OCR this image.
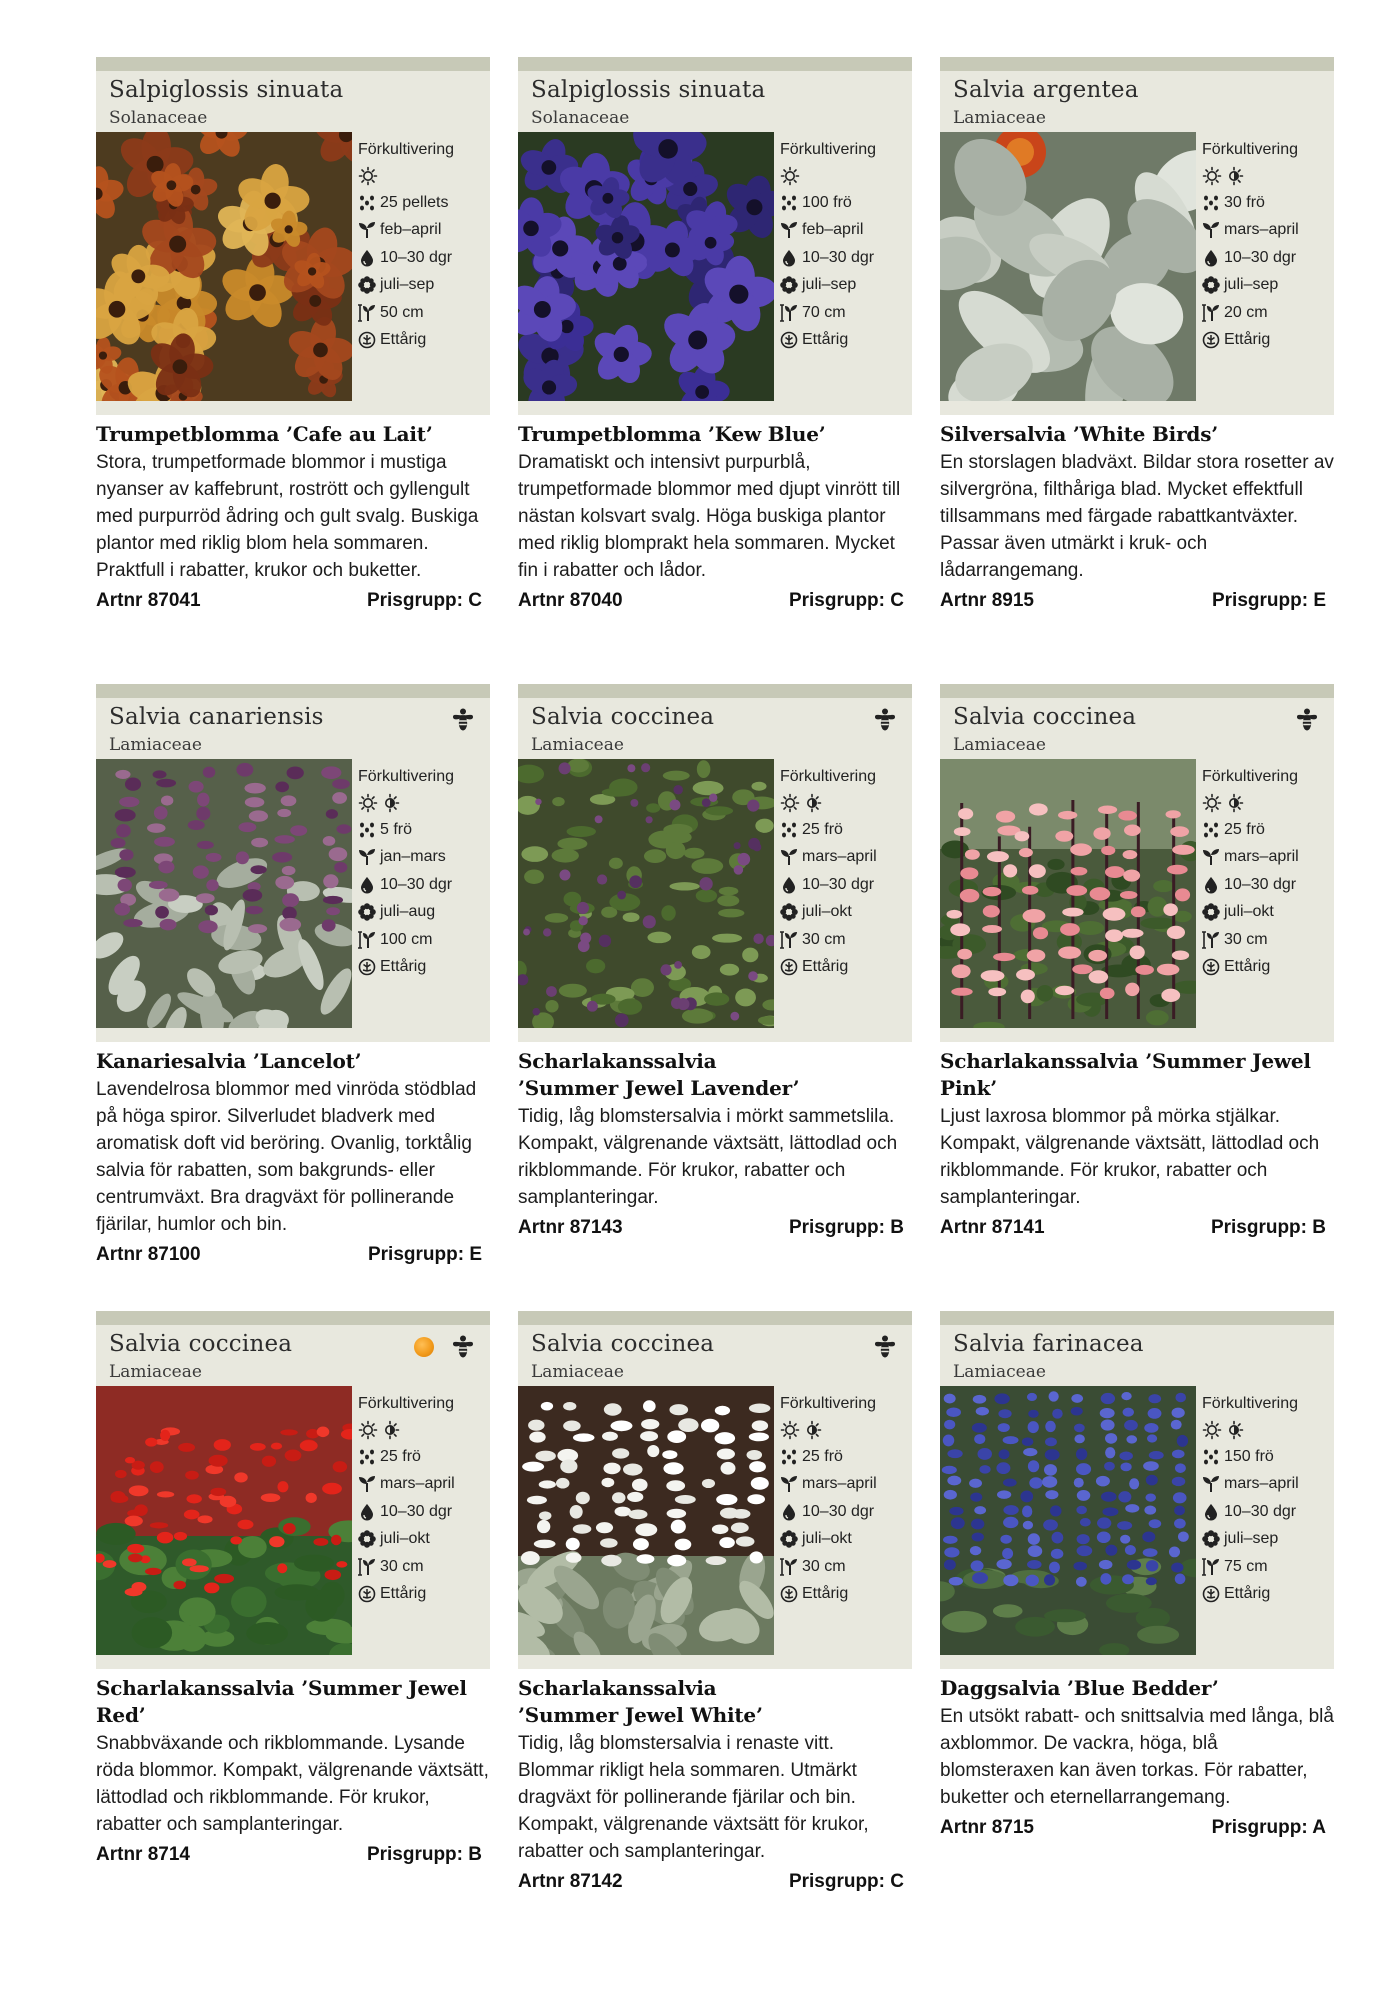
Salpiglossis sinuata
Solanaceae
Förkultivering
25 pellets
feb–april
10–30 dgr
juli–sep
50 cm
Ettårig
Trumpetblomma ’Cafe au Lait’
Stora, trumpetformade blommor i mustiga nyanser av kaffebrunt, rostrött och gyllengult med purpurröd ådring och gult svalg. Buskiga plantor med riklig blom hela sommaren. Praktfull i rabatter, krukor och buketter.
Artnr 87041	Prisgrupp: C
Salpiglossis sinuata
Solanaceae
Förkultivering
100 frö
feb–april
10–30 dgr
juli–sep
70 cm
Ettårig
Trumpetblomma ’Kew Blue’
Dramatiskt och intensivt purpurblå, trumpetformade blommor med djupt vinrött till nästan kolsvart svalg. Höga buskiga plantor med riklig blomprakt hela sommaren. Mycket fin i rabatter och lådor.
Artnr 87040	Prisgrupp: C
Salvia argentea
Lamiaceae
Förkultivering
30 frö
mars–april
10–30 dgr
juli–sep
20 cm
Ettårig
Silversalvia ’White Birds’
En storslagen bladväxt. Bildar stora rosetter av silvergröna, filthåriga blad. Mycket effektfull tillsammans med färgade rabattkantväxter. Passar även utmärkt i kruk- och lådarrangemang.
Artnr 8915	Prisgrupp: E
Salvia canariensis
Lamiaceae
Förkultivering
5 frö
jan–mars
10–30 dgr
juli–aug
100 cm
Ettårig
Kanariesalvia ’Lancelot’
Lavendelrosa blommor med vinröda stödblad på höga spiror. Silverludet bladverk med aromatisk doft vid beröring. Ovanlig, torktålig salvia för rabatten, som bakgrunds- eller centrumväxt. Bra dragväxt för pollinerande fjärilar, humlor och bin.
Artnr 87100	Prisgrupp: E
Salvia coccinea
Lamiaceae
Förkultivering
25 frö
mars–april
10–30 dgr
juli–okt
30 cm
Ettårig
Scharlakanssalvia
’Summer Jewel Lavender’
Tidig, låg blomstersalvia i mörkt sammetslila. Kompakt, välgrenande växtsätt, lättodlad och rikblommande. För krukor, rabatter och samplanteringar.
Artnr 87143	Prisgrupp: B
Salvia coccinea
Lamiaceae
Förkultivering
25 frö
mars–april
10–30 dgr
juli–okt
30 cm
Ettårig
Scharlakanssalvia ’Summer Jewel Pink’
Ljust laxrosa blommor på mörka stjälkar. Kompakt, välgrenande växtsätt, lättodlad och rikblommande. För krukor, rabatter och samplanteringar.
Artnr 87141	Prisgrupp: B
Salvia coccinea
Lamiaceae
Förkultivering
25 frö
mars–april
10–30 dgr
juli–okt
30 cm
Ettårig
Scharlakanssalvia ’Summer Jewel Red’
Snabbväxande och rikblommande. Lysande röda blommor. Kompakt, välgrenande växtsätt, lättodlad och rikblommande. För krukor, rabatter och samplanteringar.
Artnr 8714	Prisgrupp: B
Salvia coccinea
Lamiaceae
Förkultivering
25 frö
mars–april
10–30 dgr
juli–okt
30 cm
Ettårig
Scharlakanssalvia
’Summer Jewel White’
Tidig, låg blomstersalvia i renaste vitt. Blommar rikligt hela sommaren. Utmärkt dragväxt för pollinerande fjärilar och bin. Kompakt, välgrenande växtsätt för krukor, rabatter och samplanteringar.
Artnr 87142	Prisgrupp: C
Salvia farinacea
Lamiaceae
Förkultivering
150 frö
mars–april
10–30 dgr
juli–sep
75 cm
Ettårig
Daggsalvia ’Blue Bedder’
En utsökt rabatt- och snittsalvia med långa, blå axblommor. De vackra, höga, blå blomsteraxen kan även torkas. För rabatter, buketter och eternellarrangemang.
Artnr 8715	Prisgrupp: A
